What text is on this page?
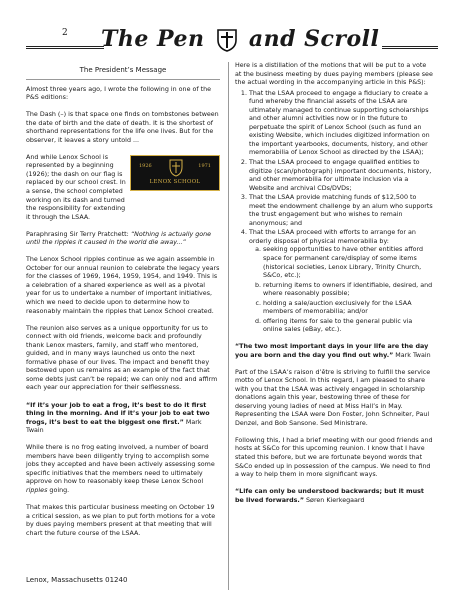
2 The Pen and Scroll
The President’s Message

Almost three years ago, I wrote the following in one of the P&S editions:

The Dash (–) is that space one finds on tombstones between the date of birth and the date of death. It is the shortest of shorthand representations for the life one lives. But for the observer, it leaves a story untold ...

1926	1971
LENOX SCHOOL

And while Lenox School is represented by a beginning (1926); the dash on our flag is replaced by our school crest. In a sense, the school completed working on its dash and turned the responsibility for extending it through the LSAA.

Paraphrasing Sir Terry Pratchett: “Nothing is actually gone until the ripples it caused in the world die away...”

The Lenox School ripples continue as we again assemble in October for our annual reunion to celebrate the legacy years for the classes of 1969, 1964, 1959, 1954, and 1949. This is a celebration of a shared experience as well as a pivotal year for us to undertake a number of important initiatives, which we need to decide upon to determine how to reasonably maintain the ripples that Lenox School created.

The reunion also serves as a unique opportunity for us to connect with old friends, welcome back and profoundly thank Lenox masters, family, and staff who mentored, guided, and in many ways launched us onto the next formative phase of our lives. The impact and benefit they bestowed upon us remains as an example of the fact that some debts just can’t be repaid; we can only nod and affirm each year our appreciation for their selflessness.

“If it’s your job to eat a frog, it’s best to do it first thing in the morning. And if it’s your job to eat two frogs, it’s best to eat the biggest one first.” Mark Twain

While there is no frog eating involved, a number of board members have been diligently trying to accomplish some jobs they accepted and have been actively assessing some specific initiatives that the members need to ultimately approve on how to reasonably keep these Lenox School ripples going.

That makes this particular business meeting on October 19 a critical session, as we plan to put forth motions for a vote by dues paying members present at that meeting that will chart the future course of the LSAA.

Here is a distillation of the motions that will be put to a vote at the business meeting by dues paying members (please see the actual wording in the accompanying article in this P&S):

1. That the LSAA proceed to engage a fiduciary to create a fund whereby the financial assets of the LSAA are ultimately managed to continue supporting scholarships and other alumni activities now or in the future to perpetuate the spirit of Lenox School (such as fund an existing Website, which includes digitized information on the important yearbooks, documents, history, and other memorabilia of Lenox School as directed by the LSAA);
2. That the LSAA proceed to engage qualified entities to digitize (scan/photograph) important documents, history, and other memorabilia for ultimate inclusion via a Website and archival CDs/DVDs;
3. That the LSAA provide matching funds of $12,500 to meet the endowment challenge by an alum who supports the trust engagement but who wishes to remain anonymous; and
4. That the LSAA proceed with efforts to arrange for an orderly disposal of physical memorabilia by:
a. seeking opportunities to have other entities afford space for permanent care/display of some items (historical societies, Lenox Library, Trinity Church, S&Co, etc.);
b. returning items to owners if identifiable, desired, and where reasonably possible;
c. holding a sale/auction exclusively for the LSAA members of memorabilia; and/or
d. offering items for sale to the general public via online sales (eBay, etc.).

“The two most important days in your life are the day you are born and the day you find out why.” Mark Twain

Part of the LSAA’s raison d’être is striving to fulfill the service motto of Lenox School. In this regard, I am pleased to share with you that the LSAA was actively engaged in scholarship donations again this year, bestowing three of these for deserving young ladies of need at Miss Hall’s in May. Representing the LSAA were Don Foster, John Schneiter, Paul Denzel, and Bob Sansone. Sed Ministrare.

Following this, I had a brief meeting with our good friends and hosts at S&Co for this upcoming reunion. I know that I have stated this before, but we are fortunate beyond words that S&Co ended up in possession of the campus. We need to find a way to help them in more significant ways.

“Life can only be understood backwards; but it must be lived forwards.” Søren Kierkegaard

Lenox, Massachusetts 01240
